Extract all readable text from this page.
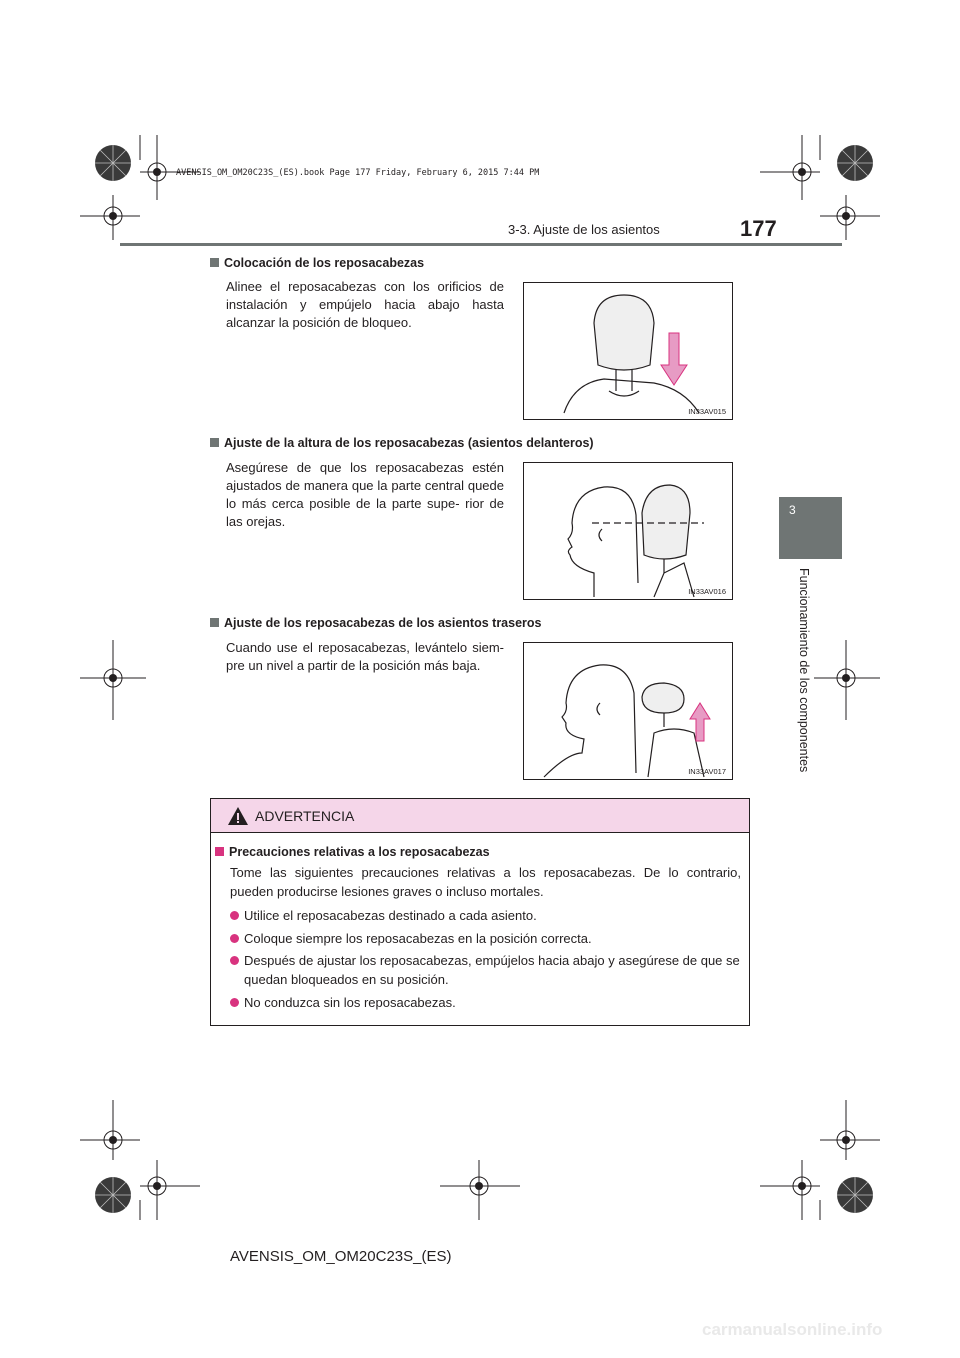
AVENSIS_OM_OM20C23S_(ES).book Page 177 Friday, February 6, 2015 7:44 PM
3-3. Ajuste de los asientos	177
3
Funcionamiento de los componentes
Colocación de los reposacabezas
Alinee el reposacabezas con los orificios de instalación y empújelo hacia abajo hasta alcanzar la posición de bloqueo.
IN33AV015
Ajuste de la altura de los reposacabezas (asientos delanteros)
Asegúrese de que los reposacabezas estén ajustados de manera que la parte central quede lo más cerca posible de la parte supe- rior de las orejas.
IN33AV016
Ajuste de los reposacabezas de los asientos traseros
Cuando use el reposacabezas, levántelo siem- pre un nivel a partir de la posición más baja.
IN33AV017
ADVERTENCIA
Precauciones relativas a los reposacabezas
Tome las siguientes precauciones relativas a los reposacabezas. De lo contrario, pueden producirse lesiones graves o incluso mortales.
Utilice el reposacabezas destinado a cada asiento.
Coloque siempre los reposacabezas en la posición correcta.
Después de ajustar los reposacabezas, empújelos hacia abajo y asegúrese de que se quedan bloqueados en su posición.
No conduzca sin los reposacabezas.
AVENSIS_OM_OM20C23S_(ES)
carmanualsonline.info
